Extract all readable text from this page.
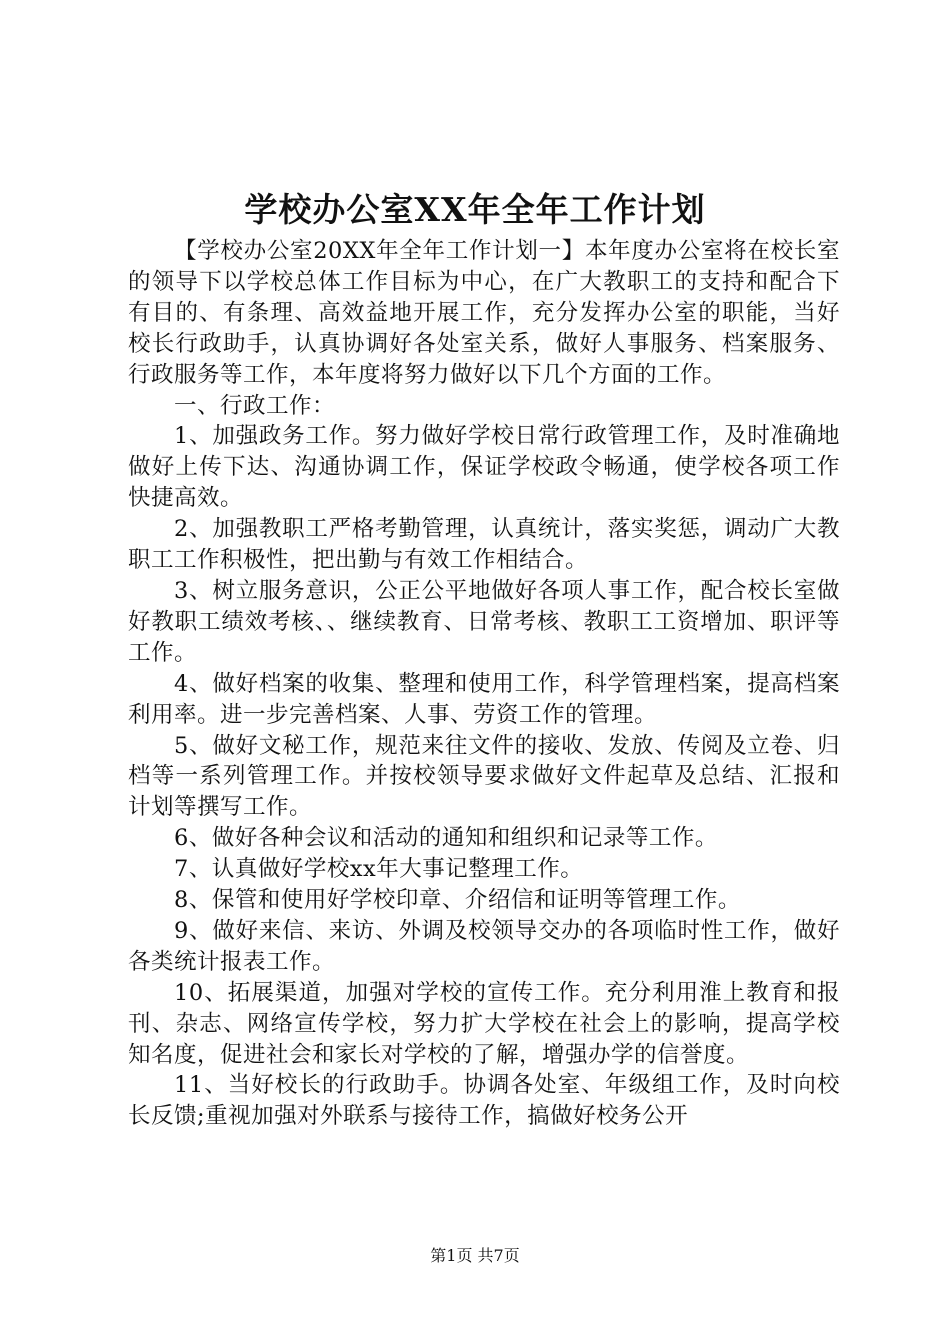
学校办公室XX年全年工作计划

【学校办公室20XX年全年工作计划一】本年度办公室将在校长室的领导下以学校总体工作目标为中心，在广大教职工的支持和配合下有目的、有条理、高效益地开展工作，充分发挥办公室的职能，当好校长行政助手，认真协调好各处室关系，做好人事服务、档案服务、行政服务等工作，本年度将努力做好以下几个方面的工作。

一、行政工作：

1、加强政务工作。努力做好学校日常行政管理工作，及时准确地做好上传下达、沟通协调工作，保证学校政令畅通，使学校各项工作快捷高效。

2、加强教职工严格考勤管理，认真统计，落实奖惩，调动广大教职工工作积极性，把出勤与有效工作相结合。

3、树立服务意识，公正公平地做好各项人事工作，配合校长室做好教职工绩效考核、、继续教育、日常考核、教职工工资增加、职评等工作。

4、做好档案的收集、整理和使用工作，科学管理档案，提高档案利用率。进一步完善档案、人事、劳资工作的管理。

5、做好文秘工作，规范来往文件的接收、发放、传阅及立卷、归档等一系列管理工作。并按校领导要求做好文件起草及总结、汇报和计划等撰写工作。

6、做好各种会议和活动的通知和组织和记录等工作。

7、认真做好学校xx年大事记整理工作。

8、保管和使用好学校印章、介绍信和证明等管理工作。

9、做好来信、来访、外调及校领导交办的各项临时性工作，做好各类统计报表工作。

10、拓展渠道，加强对学校的宣传工作。充分利用淮上教育和报刊、杂志、网络宣传学校，努力扩大学校在社会上的影响，提高学校知名度，促进社会和家长对学校的了解，增强办学的信誉度。

11、当好校长的行政助手。协调各处室、年级组工作，及时向校长反馈;重视加强对外联系与接待工作，搞做好校务公开

第1页 共7页
